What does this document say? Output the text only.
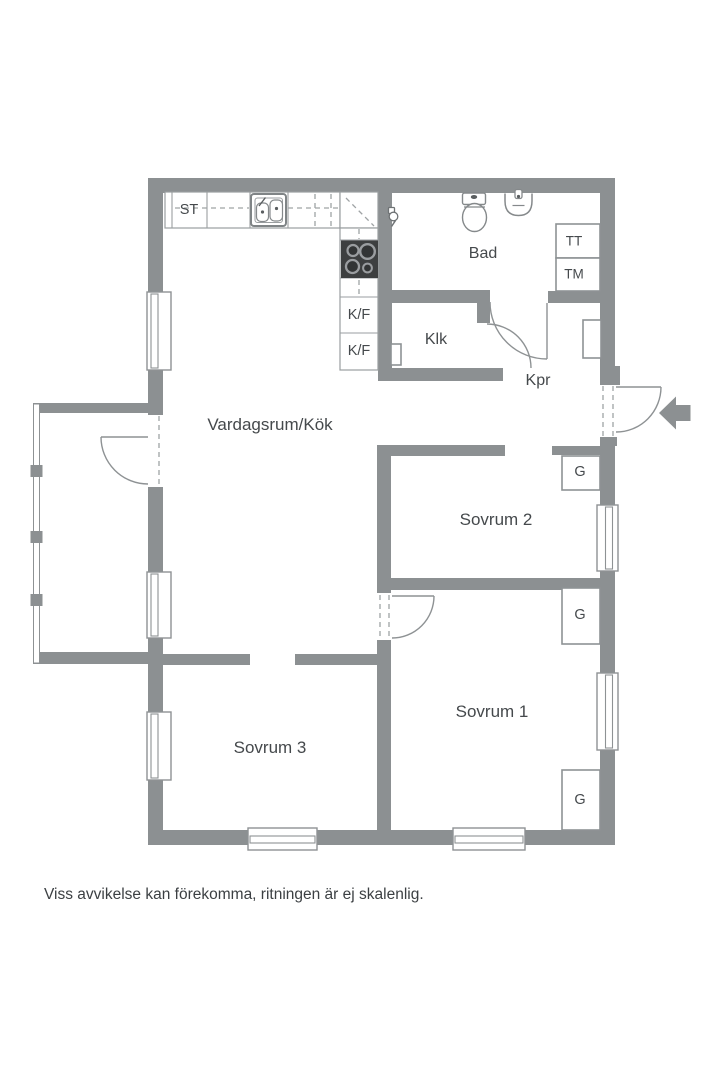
Vardagsrum/Kök
Bad
Klk
Kpr
Sovrum 2
Sovrum 1
Sovrum 3
ST
K/F
K/F
TT
TM
G
G
G
Viss avvikelse kan förekomma, ritningen är ej skalenlig.
